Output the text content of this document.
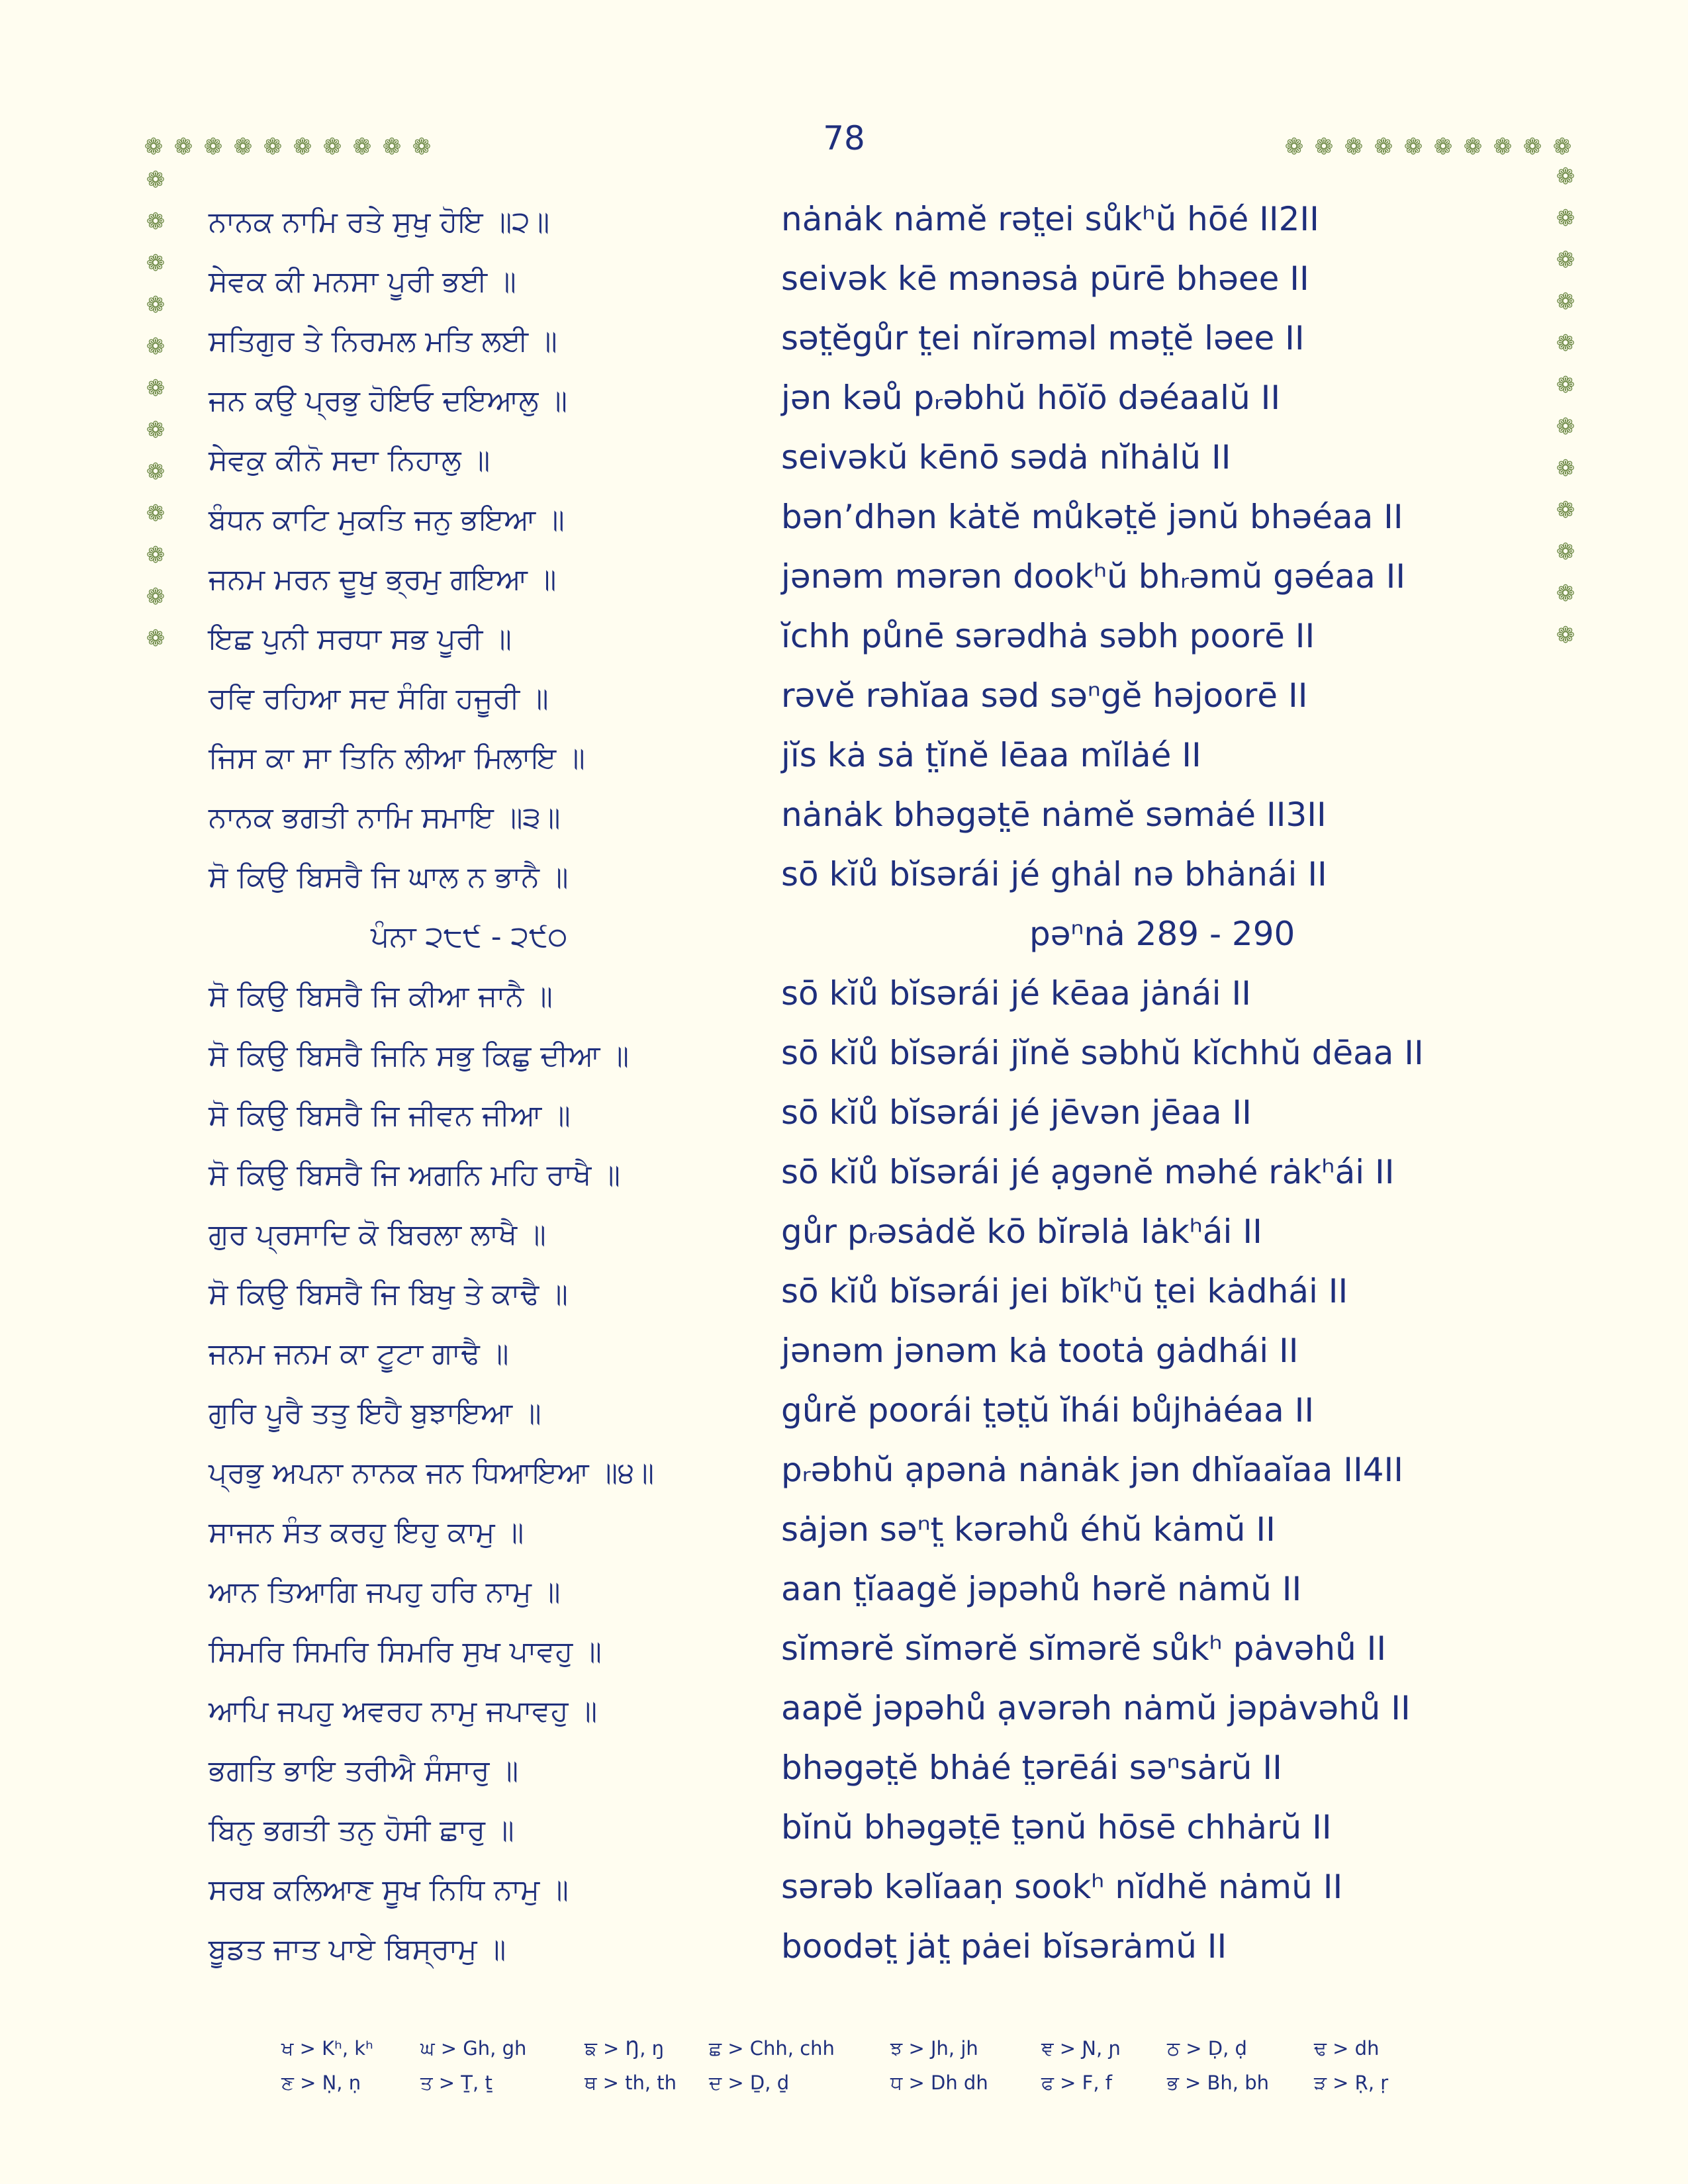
78
❁ ❁ ❁ ❁ ❁ ❁ ❁ ❁ ❁ ❁	❁ ❁ ❁ ❁ ❁ ❁ ❁ ❁ ❁ ❁
❁
❁
❁
❁
❁
❁
❁
❁
❁
❁
❁
❁
❁
❁
❁
❁
❁
❁
❁
❁
❁
❁
❁
❁
ਨਾਨਕ ਨਾਮਿ ਰਤੇ ਸੁਖੁ ਹੋਇ ॥੨॥	nȧnȧk nȧmĕ rət̤ei sůkʰŭ hōé II2II
ਸੇਵਕ ਕੀ ਮਨਸਾ ਪੂਰੀ ਭਈ ॥	seivək kē mənəsȧ pūrē bhəee II
ਸਤਿਗੁਰ ਤੇ ਨਿਰਮਲ ਮਤਿ ਲਈ ॥	sət̤ĕgůr t̤ei nĭrəməl mət̤ĕ ləee II
ਜਨ ਕਉ ਪ੍ਰਭੁ ਹੋਇਓ ਦਇਆਲੁ ॥	jən kəů pᵣəbhŭ hōĭō dəéaalŭ II
ਸੇਵਕੁ ਕੀਨੋ ਸਦਾ ਨਿਹਾਲੁ ॥	seivəkŭ kēnō sədȧ nĭhȧlŭ II
ਬੰਧਨ ਕਾਟਿ ਮੁਕਤਿ ਜਨੁ ਭਇਆ ॥	bənʼdhən kȧtĕ můkət̤ĕ jənŭ bhəéaa II
ਜਨਮ ਮਰਨ ਦੂਖੁ ਭ੍ਰਮੁ ਗਇਆ ॥	jənəm mərən dookʰŭ bhᵣəmŭ gəéaa II
ਇਛ ਪੁਨੀ ਸਰਧਾ ਸਭ ਪੂਰੀ ॥	ĭchh půnē sərədhȧ səbh poorē II
ਰਵਿ ਰਹਿਆ ਸਦ ਸੰਗਿ ਹਜੂਰੀ ॥	rəvĕ rəhĭaa səd səⁿgĕ həjoorē II
ਜਿਸ ਕਾ ਸਾ ਤਿਨਿ ਲੀਆ ਮਿਲਾਇ ॥	jĭs kȧ sȧ t̤ĭnĕ lēaa mĭlȧé II
ਨਾਨਕ ਭਗਤੀ ਨਾਮਿ ਸਮਾਇ ॥੩॥	nȧnȧk bhəgət̤ē nȧmĕ səmȧé II3II
ਸੋ ਕਿਉ ਬਿਸਰੈ ਜਿ ਘਾਲ ਨ ਭਾਨੈ ॥	sō kĭů bĭsərái jé ghȧl nə bhȧnái II
ਪੰਨਾ ੨੮੯ - ੨੯੦	pəⁿnȧ 289 - 290
ਸੋ ਕਿਉ ਬਿਸਰੈ ਜਿ ਕੀਆ ਜਾਨੈ ॥	sō kĭů bĭsərái jé kēaa jȧnái II
ਸੋ ਕਿਉ ਬਿਸਰੈ ਜਿਨਿ ਸਭੁ ਕਿਛੁ ਦੀਆ ॥	sō kĭů bĭsərái jĭnĕ səbhŭ kĭchhŭ dēaa II
ਸੋ ਕਿਉ ਬਿਸਰੈ ਜਿ ਜੀਵਨ ਜੀਆ ॥	sō kĭů bĭsərái jé jēvən jēaa II
ਸੋ ਕਿਉ ਬਿਸਰੈ ਜਿ ਅਗਨਿ ਮਹਿ ਰਾਖੈ ॥	sō kĭů bĭsərái jé ạgənĕ məhé rȧkʰái II
ਗੁਰ ਪ੍ਰਸਾਦਿ ਕੋ ਬਿਰਲਾ ਲਾਖੈ ॥	gůr pᵣəsȧdĕ kō bĭrəlȧ lȧkʰái II
ਸੋ ਕਿਉ ਬਿਸਰੈ ਜਿ ਬਿਖੁ ਤੇ ਕਾਢੈ ॥	sō kĭů bĭsərái jei bĭkʰŭ t̤ei kȧdhái II
ਜਨਮ ਜਨਮ ਕਾ ਟੂਟਾ ਗਾਢੈ ॥	jənəm jənəm kȧ tootȧ gȧdhái II
ਗੁਰਿ ਪੂਰੈ ਤਤੁ ਇਹੈ ਬੁਝਾਇਆ ॥	gůrĕ poorái t̤ət̤ŭ ĭhái bůjhȧéaa II
ਪ੍ਰਭੁ ਅਪਨਾ ਨਾਨਕ ਜਨ ਧਿਆਇਆ ॥੪॥	pᵣəbhŭ ạpənȧ nȧnȧk jən dhĭaaĭaa II4II
ਸਾਜਨ ਸੰਤ ਕਰਹੁ ਇਹੁ ਕਾਮੁ ॥	sȧjən səⁿt̤ kərəhů éhŭ kȧmŭ II
ਆਨ ਤਿਆਗਿ ਜਪਹੁ ਹਰਿ ਨਾਮੁ ॥	aan t̤ĭaagĕ jəpəhů hərĕ nȧmŭ II
ਸਿਮਰਿ ਸਿਮਰਿ ਸਿਮਰਿ ਸੁਖ ਪਾਵਹੁ ॥	sĭmərĕ sĭmərĕ sĭmərĕ sůkʰ pȧvəhů II
ਆਪਿ ਜਪਹੁ ਅਵਰਹ ਨਾਮੁ ਜਪਾਵਹੁ ॥	aapĕ jəpəhů ạvərəh nȧmŭ jəpȧvəhů II
ਭਗਤਿ ਭਾਇ ਤਰੀਐ ਸੰਸਾਰੁ ॥	bhəgət̤ĕ bhȧé t̤ərēái səⁿsȧrŭ II
ਬਿਨੁ ਭਗਤੀ ਤਨੁ ਹੋਸੀ ਛਾਰੁ ॥	bĭnŭ bhəgət̤ē t̤ənŭ hōsē chhȧrŭ II
ਸਰਬ ਕਲਿਆਣ ਸੂਖ ਨਿਧਿ ਨਾਮੁ ॥	sərəb kəlĭaaṇ sookʰ nĭdhĕ nȧmŭ II
ਬੂਡਤ ਜਾਤ ਪਾਏ ਬਿਸ੍ਰਾਮੁ ॥	boodət̤ jȧt̤ pȧei bĭsərȧmŭ II
ਖ > Kʰ, kʰ ਘ > Gh, gh	ਙ > Ŋ, ŋ ਛ > Chh, chh	ਝ > Jh, jh	ਞ > Ɲ, ɲ ਠ > Ḍ, ḍ	ਢ > dh
ਣ > Ṇ, ṇ	ਤ > Ṯ, ṯ	ਥ > th, th ਦ > Ḏ, ḏ	ਧ > Dh dh	ਫ > F, f	ਭ > Bh, bh ੜ > Ṛ, ṛ
